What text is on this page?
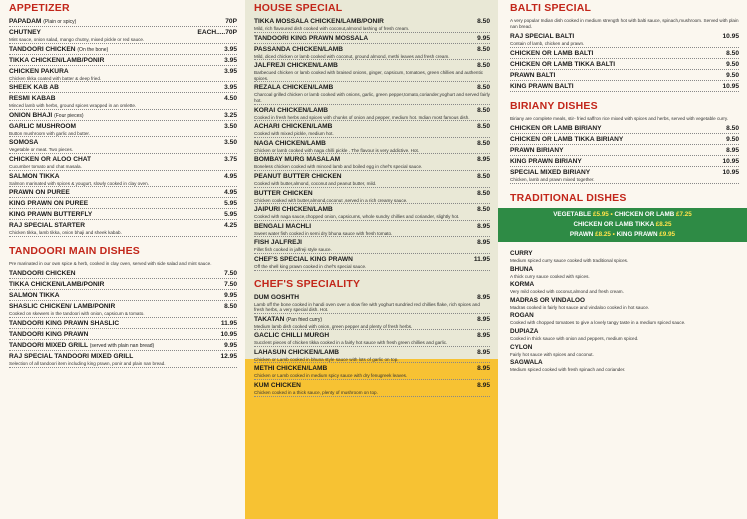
APPETIZER
PAPADAM (Plain or spicy)	70P
CHUTNEY	EACH.....70P
Mint sauce, onion salad, mango chutny, mixed pickle or red sauce.
TANDOORI CHICKEN (On the bone)	3.95
TIKKA CHICKEN/LAMB/PONIR	3.95
CHICKEN PAKURA	3.95
Chicken tikka coated with batter & deep fried.
SHEEK KAB AB	3.95
RESMI KABAB	4.50
Minced lamb with herbs, ground spices wrapped in an omlette.
ONION BHAJI (Four pieces)	3.25
GARLIC MUSHROOM	3.50
Button mushroom with garlic and butter.
SOMOSA	3.50
Vegetable or meat. Two pieces.
CHICKEN OR ALOO CHAT	3.75
Cucumber tomato and chat masala.
SALMON TIKKA	4.95
Salmon marinated with spices & yougurt, slowly cooked in clay oven.
PRAWN ON PUREE	4.95
KING PRAWN ON PUREE	5.95
KING PRAWN BUTTERFLY	5.95
RAJ SPECIAL STARTER	4.25
Chicken tikka, lamb tikka, onion bhaji and sheek kabab.
TANDOORI MAIN DISHES
Pre marinated in our own spice & herb, cooked in clay oven, served with side salad and mint sauce.
TANDOORI CHICKEN	7.50
TIKKA CHICKEN/LAMB/PONIR	7.50
SALMON TIKKA	9.95
SHASLIC CHICKEN/ LAMB/PONIR	8.50
Cooked on skewers in the tandoori with onion, capsicum & tomato.
TANDOORI KING PRAWN SHASLIC	11.95
TANDOORI KING PRAWN	10.95
TANDOORI MIXED GRILL (served with plain nan bread)	9.95
RAJ SPECIAL TANDOORI MIXED GRILL	12.95
Selection of all tandoori item including king prawn, ponir and plain nan bread.
HOUSE SPECIAL
TIKKA MOSSALA CHICKEN/LAMB/PONIR	8.50
Mild, rich flavoured dish cooked with coconut,almond lashing of fresh cream.
TANDOORI KING PRAWN MOSSALA	9.95
PASSANDA CHICKEN/LAMB	8.50
Mild, diced chicken or lamb cooked with coconut, ground almond, methi leaves and fresh cream.
JALFREJI CHICKEN/LAMB	8.50
Barbecued chicken or lamb cooked with braised onions, ginger, capsicum, tomatoes, green chillies and authentic spices.
REZALA CHICKEN/LAMB	8.50
Charcoal grilled chicken or lamb cooked with onions, garlic, green pepper,tomato,coriander,yoghurt and served fairly hot.
KORAI CHICKEN/LAMB	8.50
Cooked in fresh herbs and spices with chunks of onion and pepper, medium hot. Indian most famous dish.
ACHARI CHICKEN/LAMB	8.50
Cooked with mixed pickle, medium hot.
NAGA CHICKEN/LAMB	8.50
Chicken or lamb cooked with naga chilli pickle . The flavour is very addictive. Hot.
BOMBAY MURG MASALAM	8.95
Boneless chicken cooked with minced lamb and boiled egg in chef's special sauce.
PEANUT BUTTER CHICKEN	8.50
Cooked with butter,almond, coconut and peanut butter, mild.
BUTTER CHICKEN	8.50
Chicken cooked with butter,almond,coconut ,served in a rich creamy sauce.
JAIPURI CHICKEN/LAMB	8.50
Cooked with naga sauce,chopped onion, capsicums, whole sundry chillies and coriander, slightly hot.
BENGALI MACHLI	8.95
Sweet water fish cooked in semi dry bhuna sauce with fresh tomato.
FISH JALFREJI	8.95
Fillet fish cooked in jalfreji style sauce.
CHEF'S SPECIAL KING PRAWN	11.95
Off the shell king prawn cooked in chef's special sauce.
CHEF'S SPECIALITY
DUM GOSHTH	8.95
Lamb off the bone cooked in handi oven over a slow fire with yoghurt sundried red chillies flake, rich spices and fresh herbs, a very special dish. Hot.
TAKATAN (Pan fried curry)	8.95
Medium lamb dish cooked with onion, green pepper and plenty of fresh herbs.
GACLIC CHILLI MURGH	8.95
Succlent pieces of chicken tikka cooked in a fairly hot sauce with fresh green chillies and garlic.
LAHASUN CHICKEN/LAMB	8.95
Chicken or Lamb cooked in bhuna style sauce with lots of garlic on top.
METHI CHICKEN/LAMB	8.95
Chicken or Lamb cooked in medium spicy sauce with dry fenugreek leaves.
KUM CHICKEN	8.95
Chicken cooked in a thick sauce, plenty of mushroom on top.
BALTI SPECIAL
A very popular Indian dish cooked in medium strength hot with balti sauce, spinach,mushroom. Served with plain nan bread.
RAJ SPECIAL BALTI	10.95
Contain of lamb, chicken and prawn.
CHICKEN OR LAMB BALTI	8.50
CHICKEN OR LAMB TIKKA BALTI	9.50
PRAWN BALTI	9.50
KING PRAWN BALTI	10.95
BIRIANY DISHES
Biriany are complete meals, stir- fried saffron rice mixed with spices and herbs, served with vegetable curry.
CHICKEN OR LAMB BIRIANY	8.50
CHICKEN OR LAMB TIKKA BIRIANY	9.50
PRAWN BIRIANY	8.95
KING PRAWN BIRIANY	10.95
SPECIAL MIXED BIRIANY	10.95
Chicken, lamb and prawn mixed together.
TRADITIONAL DISHES
VEGETABLE £5.95 • CHICKEN OR LAMB £7.25
CHICKEN OR LAMB TIKKA £8.25
PRAWN £8.25 • KING PRAWN £9.95
CURRY
Medium spiced curry sauce cooked with traditional spices.
BHUNA
A thick curry sauce cooked with spices.
KORMA
Very mild cooked with coconut,almond and fresh cream.
MADRAS OR VINDALOO
Madras cooked in fairly hot sauce and vindaloo cooked in hot sauce.
ROGAN
Cooked with chopped tomatoes to give a lovely tangy taste in a medium spiced sauce.
DUPIAZA
Cooked in thick sauce with onion and peppers, medium spiced.
CYLON
Fairly hot sauce with spices and coconut.
SAGWALA
Medium spiced cooked with fresh spinach and coriander.
